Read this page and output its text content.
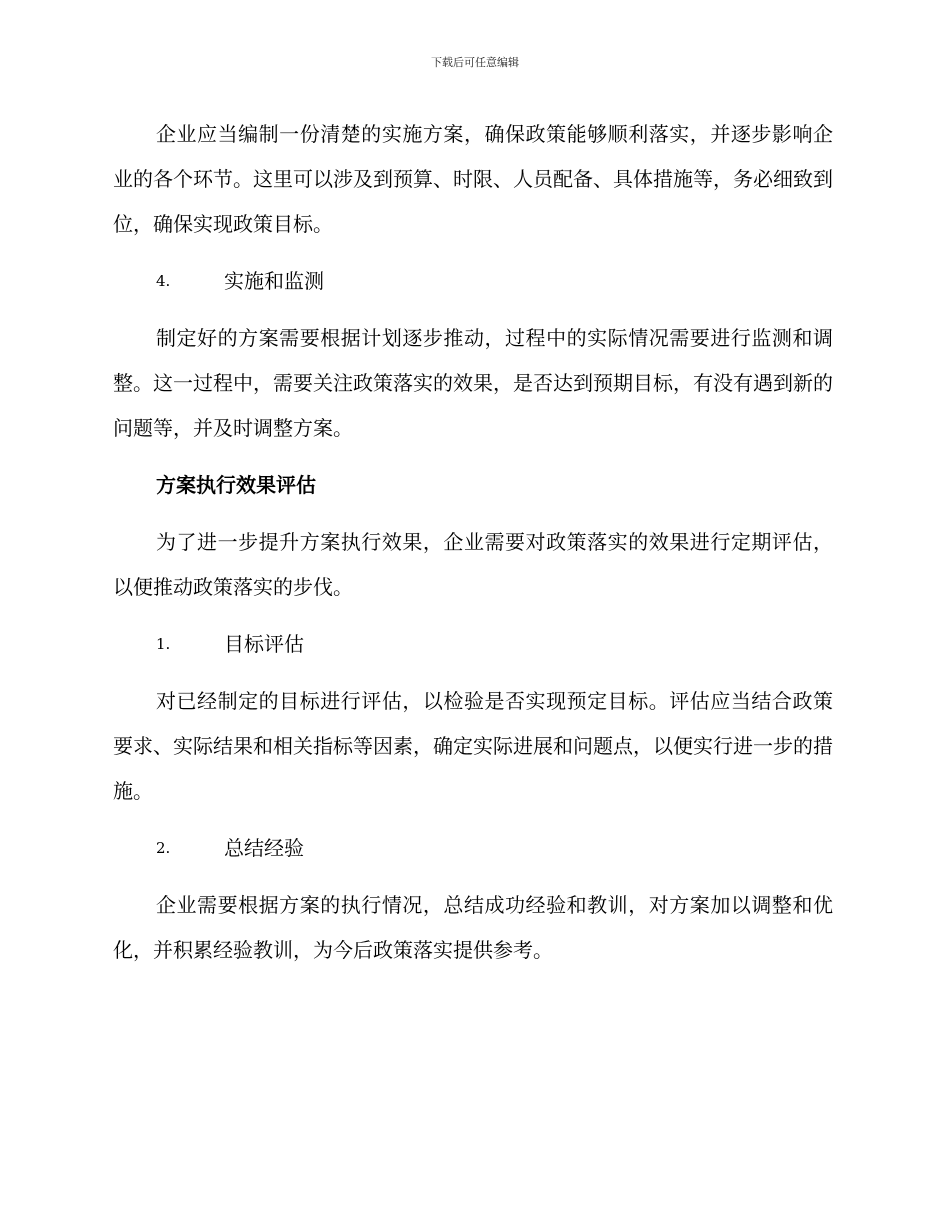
下载后可任意编辑

企业应当编制一份清楚的实施方案，确保政策能够顺利落实，并逐步影响企业的各个环节。这里可以涉及到预算、时限、人员配备、具体措施等，务必细致到位，确保实现政策目标。

4.	实施和监测

制定好的方案需要根据计划逐步推动，过程中的实际情况需要进行监测和调整。这一过程中，需要关注政策落实的效果，是否达到预期目标，有没有遇到新的问题等，并及时调整方案。

方案执行效果评估

为了进一步提升方案执行效果，企业需要对政策落实的效果进行定期评估，以便推动政策落实的步伐。

1.	目标评估

对已经制定的目标进行评估，以检验是否实现预定目标。评估应当结合政策要求、实际结果和相关指标等因素，确定实际进展和问题点，以便实行进一步的措施。

2.	总结经验

企业需要根据方案的执行情况，总结成功经验和教训，对方案加以调整和优化，并积累经验教训，为今后政策落实提供参考。
